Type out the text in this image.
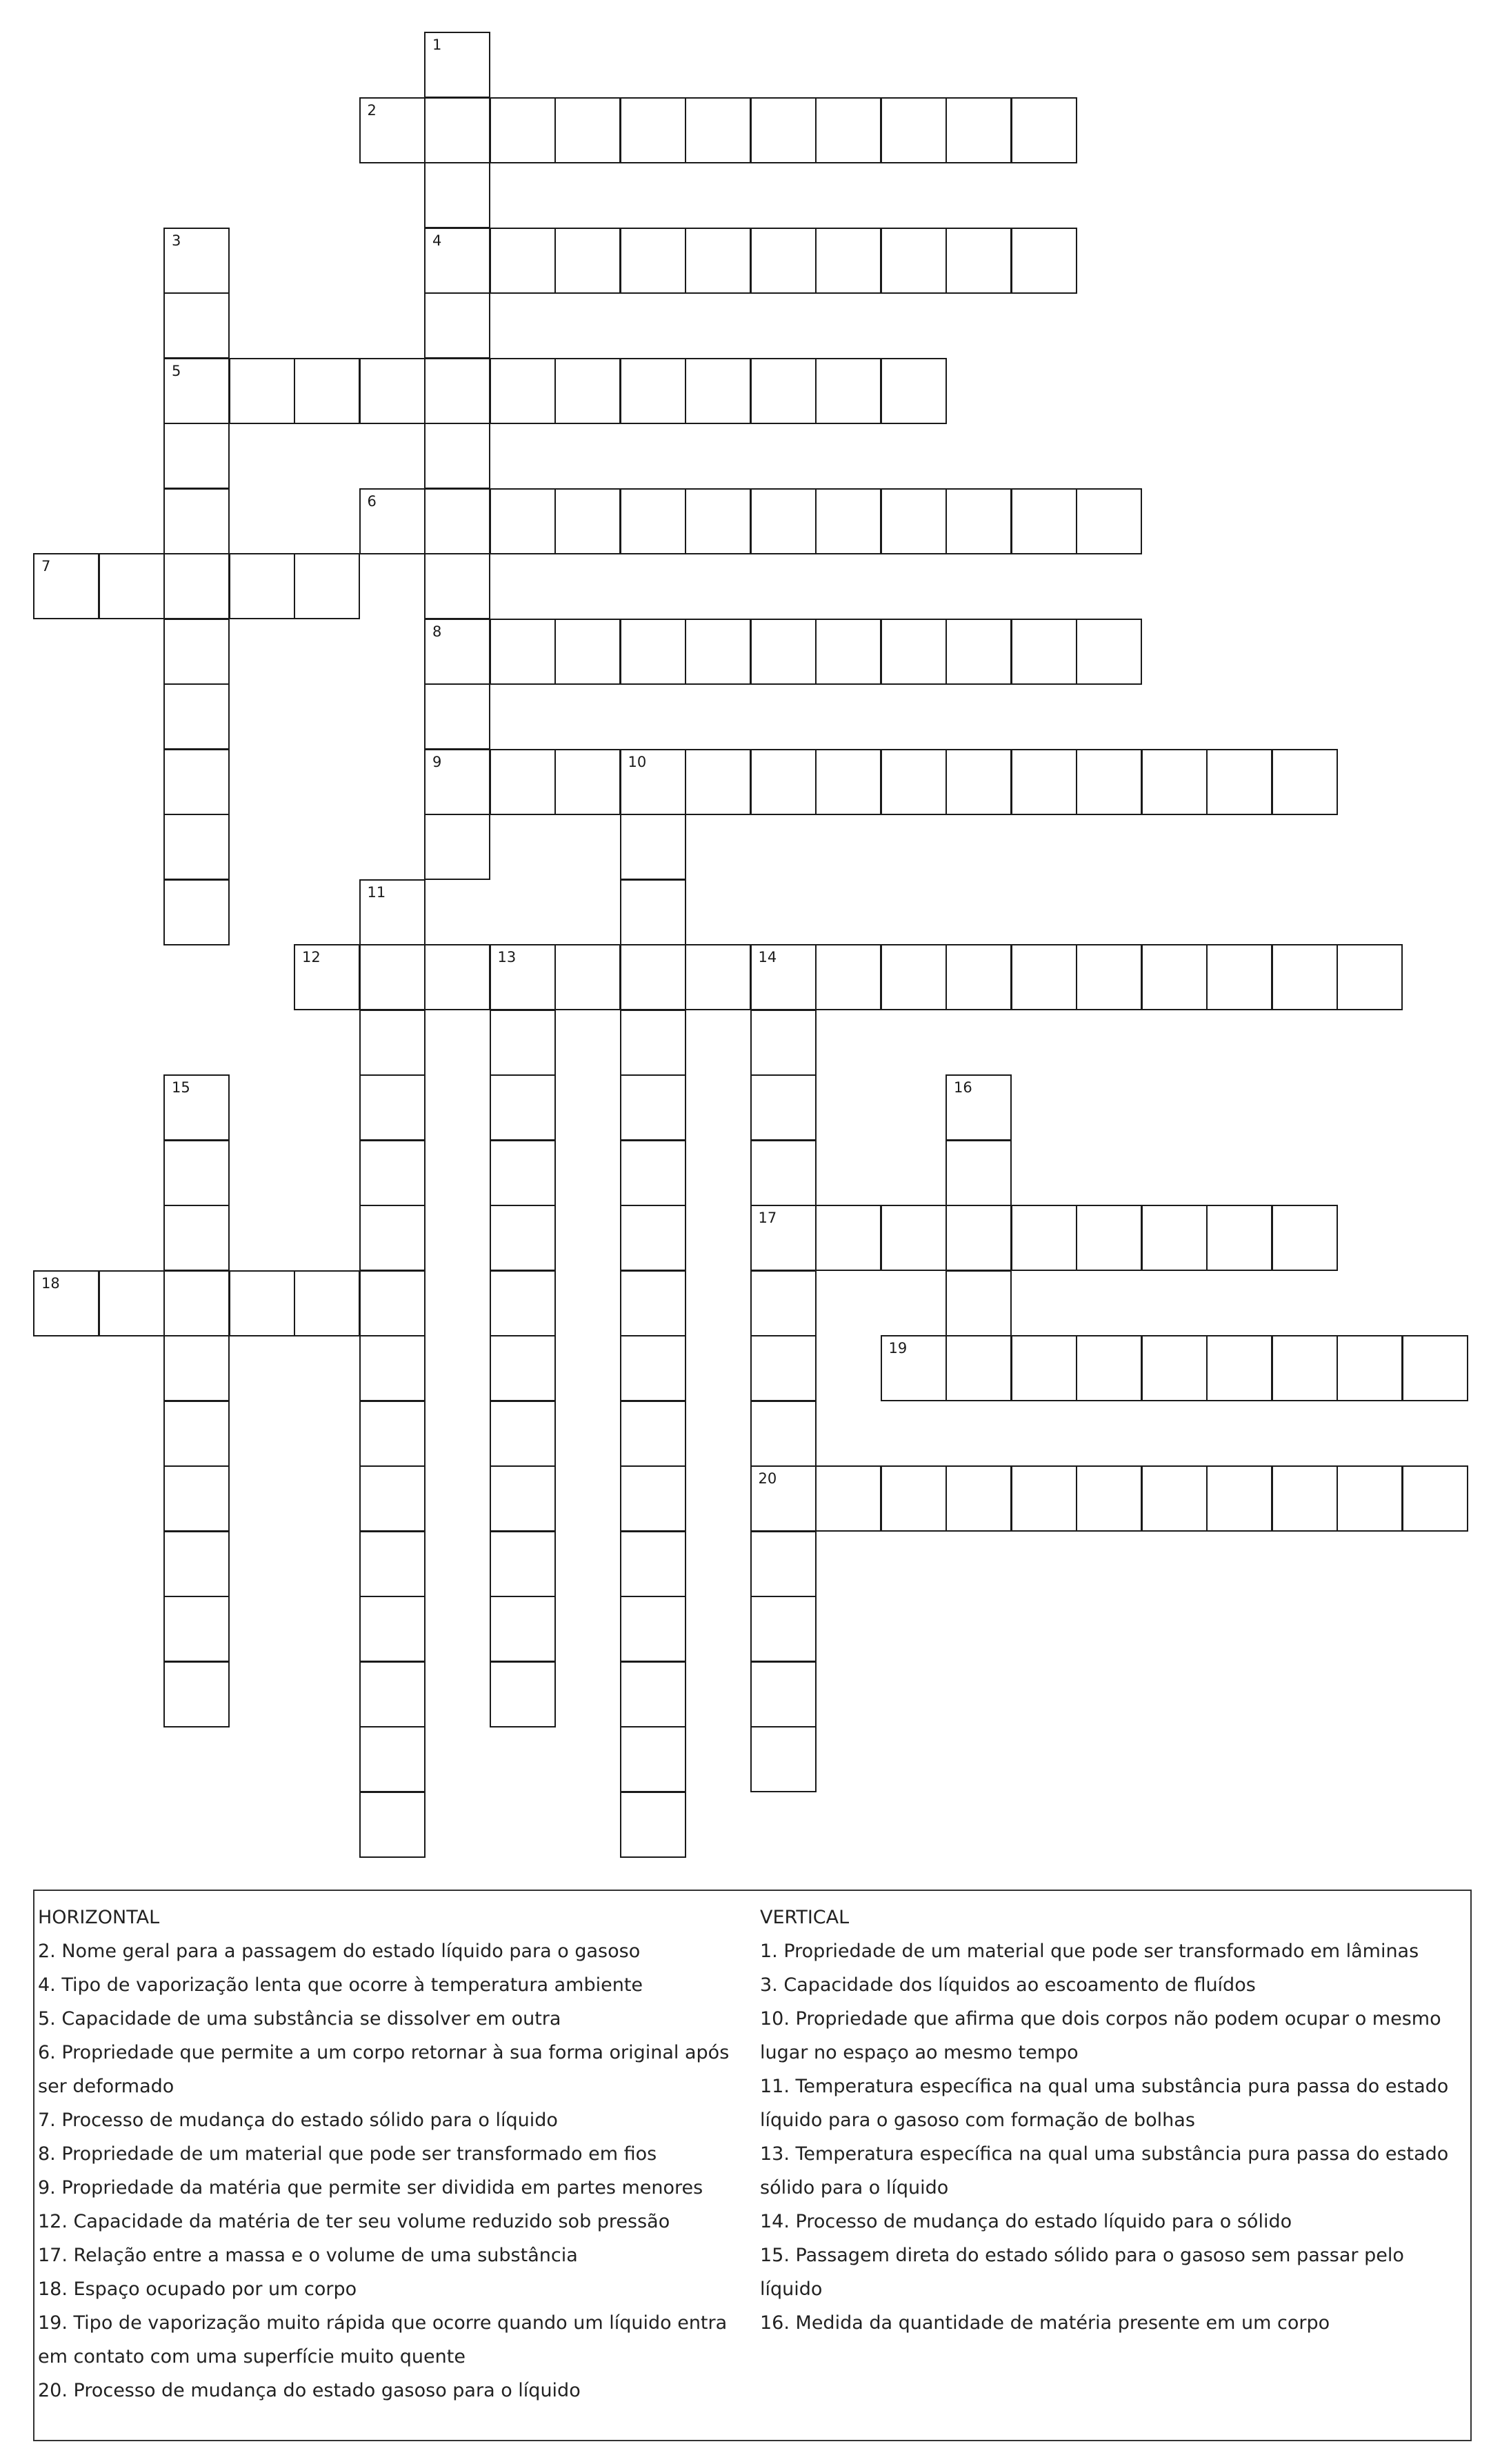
2
4
5
6
7
8
9	10
12	13	14
17
18
19
20
1
3
11
15	16
HORIZONTAL
2. Nome geral para a passagem do estado líquido para o gasoso
4. Tipo de vaporização lenta que ocorre à temperatura ambiente
5. Capacidade de uma substância se dissolver em outra
6. Propriedade que permite a um corpo retornar à sua forma original após
ser deformado
7. Processo de mudança do estado sólido para o líquido
8. Propriedade de um material que pode ser transformado em fios
9. Propriedade da matéria que permite ser dividida em partes menores
12. Capacidade da matéria de ter seu volume reduzido sob pressão
17. Relação entre a massa e o volume de uma substância
18. Espaço ocupado por um corpo
19. Tipo de vaporização muito rápida que ocorre quando um líquido entra
em contato com uma superfície muito quente
20. Processo de mudança do estado gasoso para o líquido
VERTICAL
1. Propriedade de um material que pode ser transformado em lâminas
3. Capacidade dos líquidos ao escoamento de fluídos
10. Propriedade que afirma que dois corpos não podem ocupar o mesmo
lugar no espaço ao mesmo tempo
11. Temperatura específica na qual uma substância pura passa do estado
líquido para o gasoso com formação de bolhas
13. Temperatura específica na qual uma substância pura passa do estado
sólido para o líquido
14. Processo de mudança do estado líquido para o sólido
15. Passagem direta do estado sólido para o gasoso sem passar pelo líquido
16. Medida da quantidade de matéria presente em um corpo
